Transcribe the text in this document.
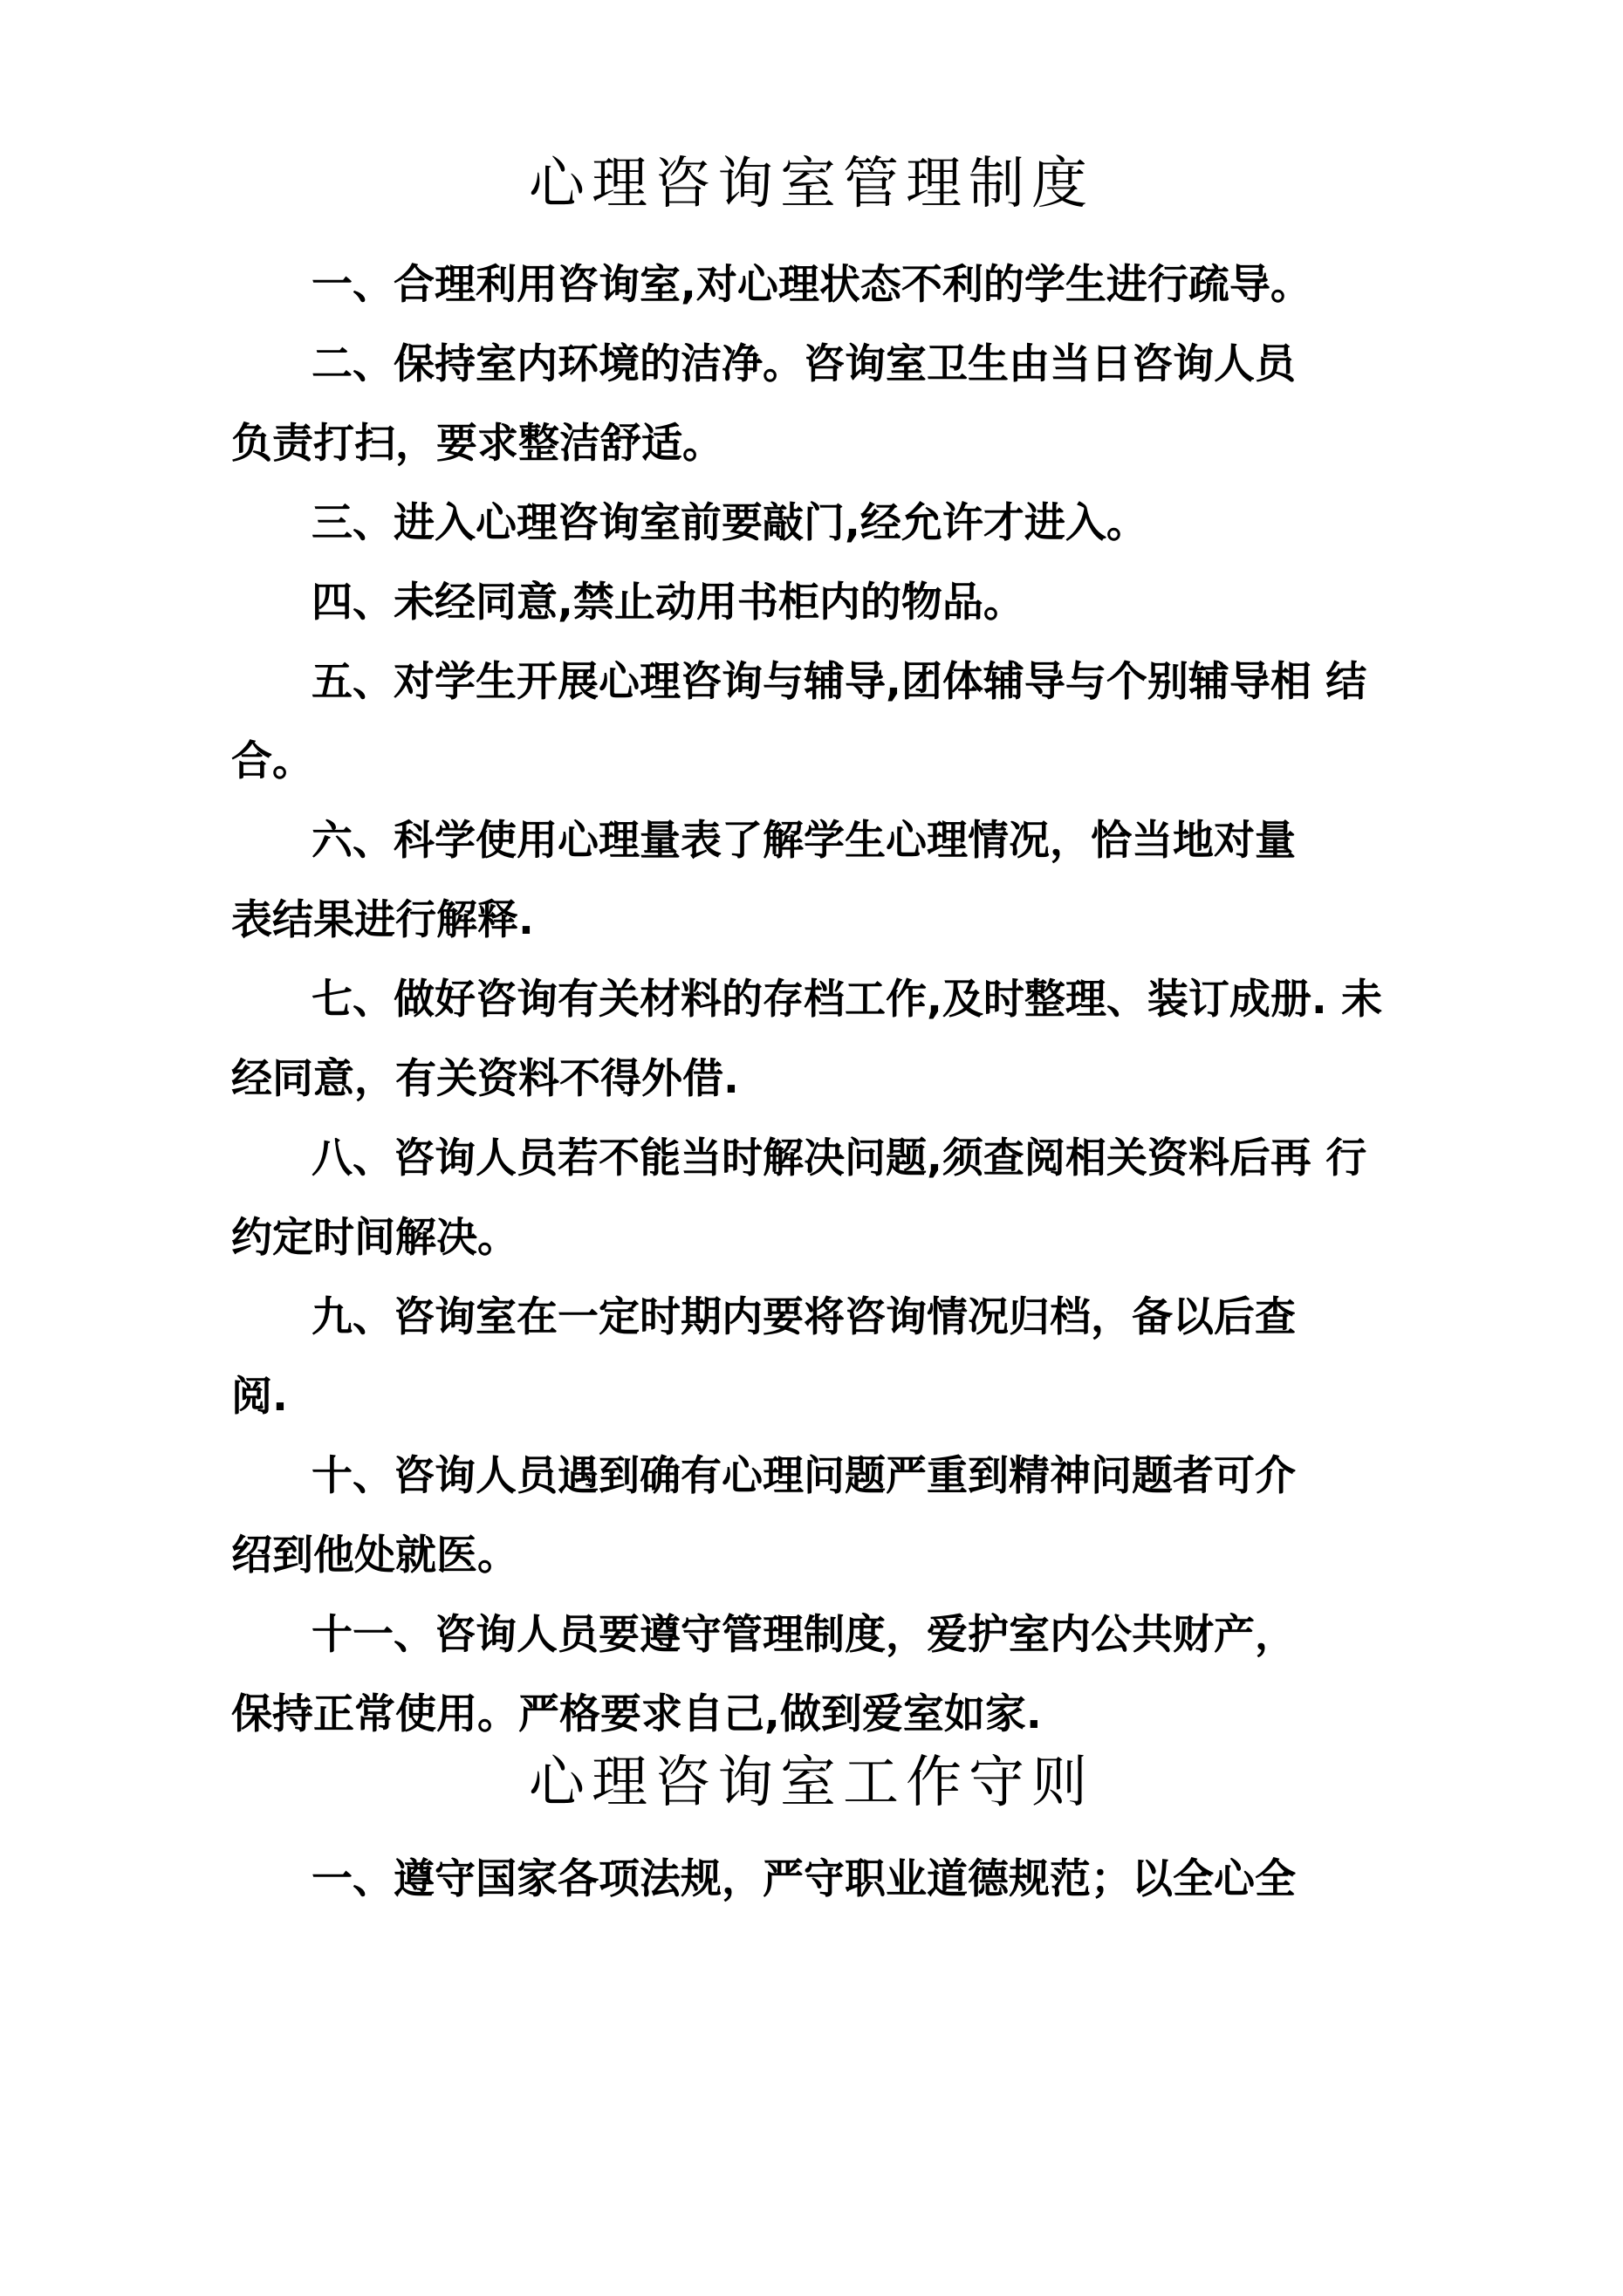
心理咨询室管理制度
一、合理利用咨询室,对心理状态不利的学生进行疏导。
二、保持室内环境的洁净。咨询室卫生由当日咨询人员
负责打扫，要求整洁舒适。
三、进入心理咨询室前要敲门,经允许才进入。
四、未经同意,禁止动用书柜内的物品。
五、对学生开展心理咨询与辅导,团体辅导与个别辅导相 结
合。
六、科学使用心理量表了解学生心理情况，恰当地对量
表结果进行解释.
七、做好咨询有关材料的存档工作,及时整理、装订成册. 未
经同意，有关资料不得外借.
八、咨询人员若不能当时解决问题,须查阅相关资料后再 行
约定时间解决。
九、咨询室在一定时期内要将咨询情况归档，备以后查
阅.
十、咨询人员遇到确有心理问题严重到精神问题者可介
绍到他处就医。
十一、咨询人员要遵守管理制度，爱护室内公共财产，
保持正常使用。严格要求自己,做到爱室如家.
心理咨询室工作守则
一、遵守国家各项法规，严守职业道德规范；以全心全
